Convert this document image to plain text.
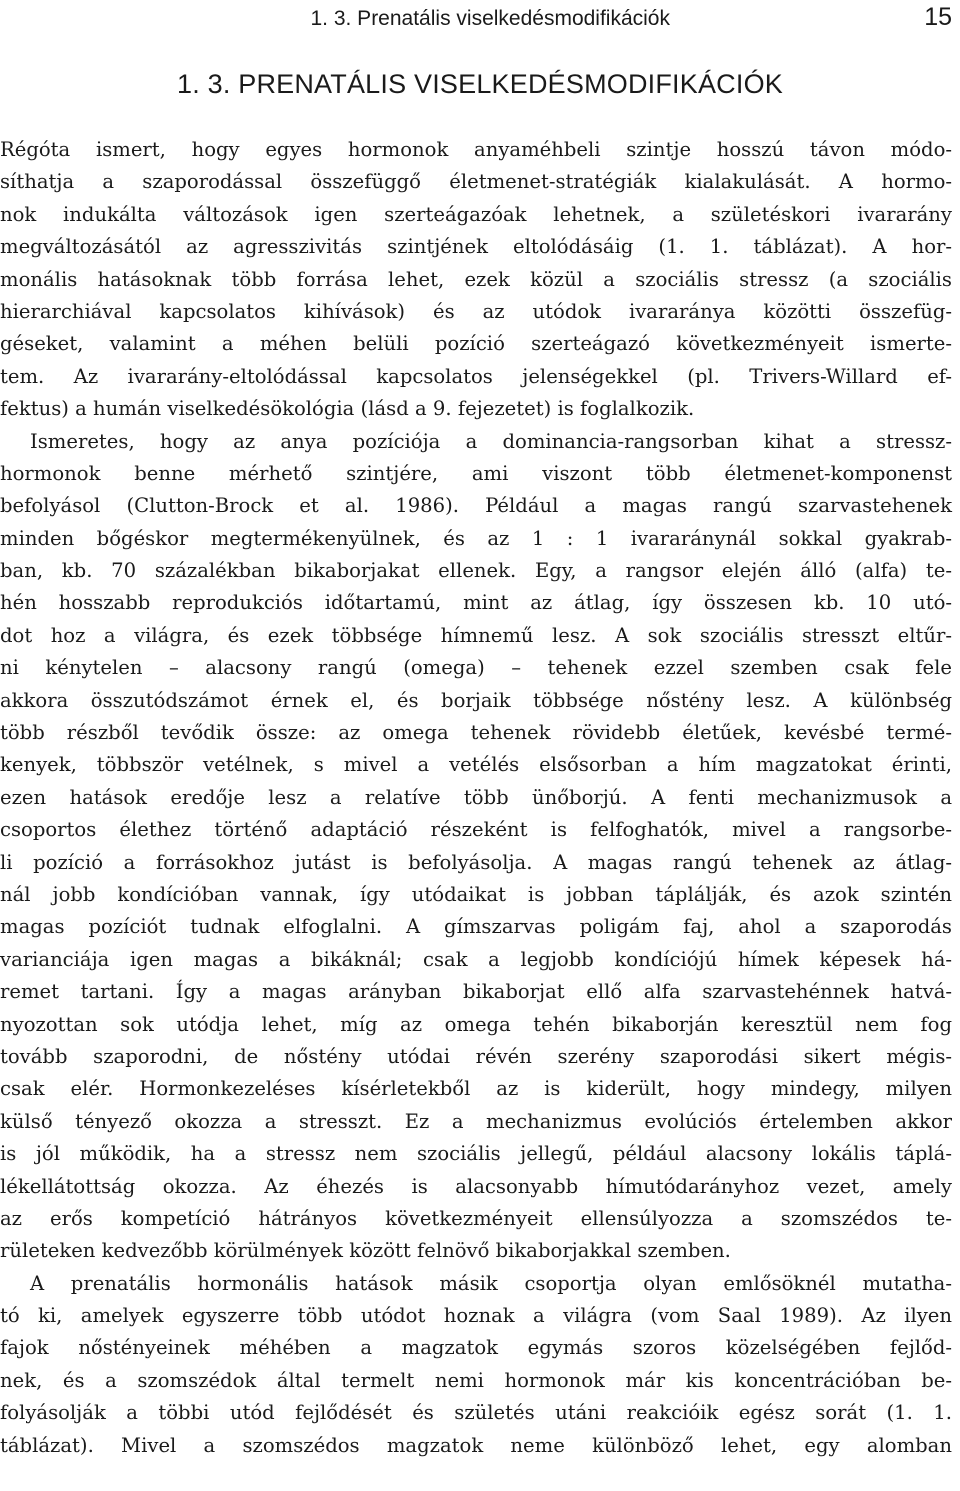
1. 3. Prenatális viselkedésmodifikációk	15
1. 3. PRENATÁLIS VISELKEDÉSMODIFIKÁCIÓK
Régóta ismert, hogy egyes hormonok anyaméhbeli szintje hosszú távon módo-
síthatja a szaporodással összefüggő életmenet-stratégiák kialakulását. A hormo-
nok indukálta változások igen szerteágazóak lehetnek, a születéskori ivararány
megváltozásától az agresszivitás szintjének eltolódásáig (1. 1. táblázat). A hor-
monális hatásoknak több forrása lehet, ezek közül a szociális stressz (a szociális
hierarchiával kapcsolatos kihívások) és az utódok ivararánya közötti összefüg-
géseket, valamint a méhen belüli pozíció szerteágazó következményeit ismerte-
tem. Az ivararány-eltolódással kapcsolatos jelenségekkel (pl. Trivers-Willard ef-
fektus) a humán viselkedésökológia (lásd a 9. fejezetet) is foglalkozik.
Ismeretes, hogy az anya pozíciója a dominancia-rangsorban kihat a stressz-
hormonok benne mérhető szintjére, ami viszont több életmenet-komponenst
befolyásol (Clutton-Brock et al. 1986). Például a magas rangú szarvastehenek
minden bőgéskor megtermékenyülnek, és az 1 : 1 ivararánynál sokkal gyakrab-
ban, kb. 70 százalékban bikaborjakat ellenek. Egy, a rangsor elején álló (alfa) te-
hén hosszabb reprodukciós időtartamú, mint az átlag, így összesen kb. 10 utó-
dot hoz a világra, és ezek többsége hímnemű lesz. A sok szociális stresszt eltűr-
ni kénytelen – alacsony rangú (omega) – tehenek ezzel szemben csak fele
akkora összutódszámot érnek el, és borjaik többsége nőstény lesz. A különbség
több részből tevődik össze: az omega tehenek rövidebb életűek, kevésbé termé-
kenyek, többször vetélnek, s mivel a vetélés elsősorban a hím magzatokat érinti,
ezen hatások eredője lesz a relatíve több ünőborjú. A fenti mechanizmusok a
csoportos élethez történő adaptáció részeként is felfoghatók, mivel a rangsorbe-
li pozíció a forrásokhoz jutást is befolyásolja. A magas rangú tehenek az átlag-
nál jobb kondícióban vannak, így utódaikat is jobban táplálják, és azok szintén
magas pozíciót tudnak elfoglalni. A gímszarvas poligám faj, ahol a szaporodás
varianciája igen magas a bikáknál; csak a legjobb kondíciójú hímek képesek há-
remet tartani. Így a magas arányban bikaborjat ellő alfa szarvastehénnek hatvá-
nyozottan sok utódja lehet, míg az omega tehén bikaborján keresztül nem fog
tovább szaporodni, de nőstény utódai révén szerény szaporodási sikert mégis-
csak elér. Hormonkezeléses kísérletekből az is kiderült, hogy mindegy, milyen
külső tényező okozza a stresszt. Ez a mechanizmus evolúciós értelemben akkor
is jól működik, ha a stressz nem szociális jellegű, például alacsony lokális táplá-
lékellátottság okozza. Az éhezés is alacsonyabb hímutódarányhoz vezet, amely
az erős kompetíció hátrányos következményeit ellensúlyozza a szomszédos te-
rületeken kedvezőbb körülmények között felnövő bikaborjakkal szemben.
A prenatális hormonális hatások másik csoportja olyan emlősöknél mutatha-
tó ki, amelyek egyszerre több utódot hoznak a világra (vom Saal 1989). Az ilyen
fajok nőstényeinek méhében a magzatok egymás szoros közelségében fejlőd-
nek, és a szomszédok által termelt nemi hormonok már kis koncentrációban be-
folyásolják a többi utód fejlődését és születés utáni reakcióik egész sorát (1. 1.
táblázat). Mivel a szomszédos magzatok neme különböző lehet, egy alomban
